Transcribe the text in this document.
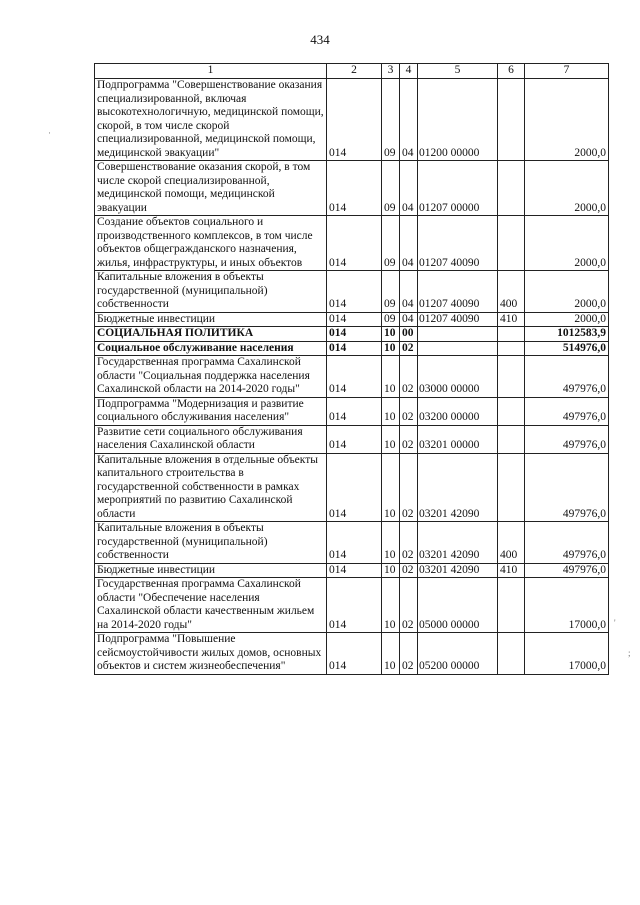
434
'
·
;
1	2	3	4	5	6	7
Подпрограмма "Совершенствование оказания специализированной, включая высокотехнологичную, медицинской помощи, скорой, в том числе скорой специализированной, медицинской помощи, медицинской эвакуации"	014	09	04	01200 00000		2000,0
Совершенствование оказания скорой, в том числе скорой специализированной, медицинской помощи, медицинской эвакуации	014	09	04	01207 00000		2000,0
Создание объектов социального и производственного комплексов, в том числе объектов общегражданского назначения, жилья, инфраструктуры, и иных объектов	014	09	04	01207 40090		2000,0
Капитальные вложения в объекты государственной (муниципальной) собственности	014	09	04	01207 40090	400	2000,0
Бюджетные инвестиции	014	09	04	01207 40090	410	2000,0
СОЦИАЛЬНАЯ ПОЛИТИКА	014	10	00			1012583,9
Социальное обслуживание населения	014	10	02			514976,0
Государственная программа Сахалинской области "Социальная поддержка населения Сахалинской области на 2014-2020 годы"	014	10	02	03000 00000		497976,0
Подпрограмма "Модернизация и развитие социального обслуживания населения"	014	10	02	03200 00000		497976,0
Развитие сети социального обслуживания населения Сахалинской области	014	10	02	03201 00000		497976,0
Капитальные вложения в отдельные объекты капитального строительства в государственной собственности в рамках мероприятий по развитию Сахалинской области	014	10	02	03201 42090		497976,0
Капитальные вложения в объекты государственной (муниципальной) собственности	014	10	02	03201 42090	400	497976,0
Бюджетные инвестиции	014	10	02	03201 42090	410	497976,0
Государственная программа Сахалинской области "Обеспечение населения Сахалинской области качественным жильем на 2014-2020 годы"	014	10	02	05000 00000		17000,0
Подпрограмма "Повышение сейсмоустойчивости жилых домов, основных объектов и систем жизнеобеспечения"	014	10	02	05200 00000		17000,0
